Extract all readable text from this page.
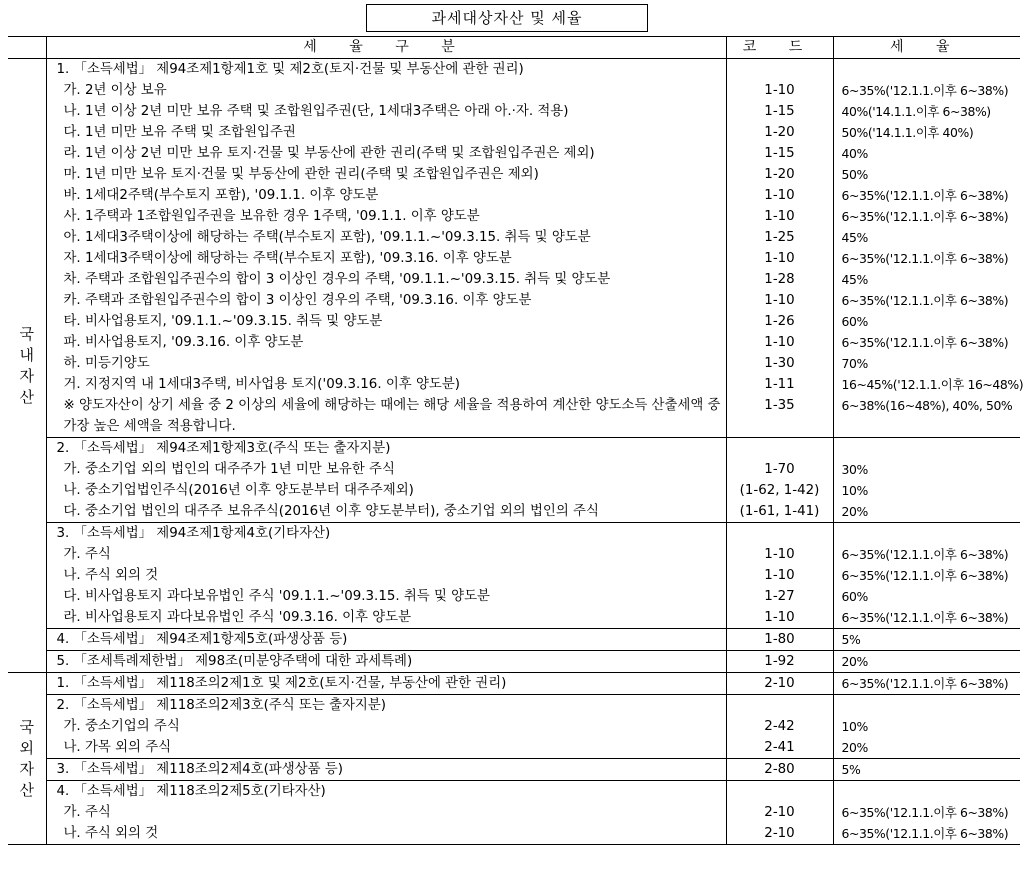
과세대상자산 및 세율
	세 율 구 분	코 드	세 율

국
내
자
산	1. 「소득세법」 제94조제1항제1호 및 제2호(토지·건물 및 부동산에 관한 권리)		
	가. 2년 이상 보유	1-10	6~35%('12.1.1.이후 6~38%)
	나. 1년 이상 2년 미만 보유 주택 및 조합원입주권(단, 1세대3주택은 아래 아.·자. 적용)	1-15	40%('14.1.1.이후 6~38%)
	다. 1년 미만 보유 주택 및 조합원입주권	1-20	50%('14.1.1.이후 40%)
	라. 1년 이상 2년 미만 보유 토지·건물 및 부동산에 관한 권리(주택 및 조합원입주권은 제외)	1-15	40%
	마. 1년 미만 보유 토지·건물 및 부동산에 관한 권리(주택 및 조합원입주권은 제외)	1-20	50%
	바. 1세대2주택(부수토지 포함), '09.1.1. 이후 양도분	1-10	6~35%('12.1.1.이후 6~38%)
	사. 1주택과 1조합원입주권을 보유한 경우 1주택, '09.1.1. 이후 양도분	1-10	6~35%('12.1.1.이후 6~38%)
	아. 1세대3주택이상에 해당하는 주택(부수토지 포함), '09.1.1.~'09.3.15. 취득 및 양도분	1-25	45%
	자. 1세대3주택이상에 해당하는 주택(부수토지 포함), '09.3.16. 이후 양도분	1-10	6~35%('12.1.1.이후 6~38%)
	차. 주택과 조합원입주권수의 합이 3 이상인 경우의 주택, '09.1.1.~'09.3.15. 취득 및 양도분	1-28	45%
	카. 주택과 조합원입주권수의 합이 3 이상인 경우의 주택, '09.3.16. 이후 양도분	1-10	6~35%('12.1.1.이후 6~38%)
	타. 비사업용토지, '09.1.1.~'09.3.15. 취득 및 양도분	1-26	60%
	파. 비사업용토지, '09.3.16. 이후 양도분	1-10	6~35%('12.1.1.이후 6~38%)
	하. 미등기양도	1-30	70%
	거. 지정지역 내 1세대3주택, 비사업용 토지('09.3.16. 이후 양도분)	1-11	16~45%('12.1.1.이후 16~48%)
	※ 양도자산이 상기 세율 중 2 이상의 세율에 해당하는 때에는 해당 세율을 적용하여 계산한 양도소득 산출세액 중 가장 높은 세액을 적용합니다.	1-35	6~38%(16~48%), 40%, 50%
	2. 「소득세법」 제94조제1항제3호(주식 또는 출자지분)		
	가. 중소기업 외의 법인의 대주주가 1년 미만 보유한 주식	1-70	30%
	나. 중소기업법인주식(2016년 이후 양도분부터 대주주제외)	(1-62, 1-42)	10%
	다. 중소기업 법인의 대주주 보유주식(2016년 이후 양도분부터), 중소기업 외의 법인의 주식	(1-61, 1-41)	20%
	3. 「소득세법」 제94조제1항제4호(기타자산)		
	가. 주식	1-10	6~35%('12.1.1.이후 6~38%)
	나. 주식 외의 것	1-10	6~35%('12.1.1.이후 6~38%)
	다. 비사업용토지 과다보유법인 주식 '09.1.1.~'09.3.15. 취득 및 양도분	1-27	60%
	라. 비사업용토지 과다보유법인 주식 '09.3.16. 이후 양도분	1-10	6~35%('12.1.1.이후 6~38%)
	4. 「소득세법」 제94조제1항제5호(파생상품 등)	1-80	5%
	5. 「조세특례제한법」 제98조(미분양주택에 대한 과세특례)	1-92	20%

국
외
자
산	1. 「소득세법」 제118조의2제1호 및 제2호(토지·건물, 부동산에 관한 권리)	2-10	6~35%('12.1.1.이후 6~38%)
	2. 「소득세법」 제118조의2제3호(주식 또는 출자지분)		
	가. 중소기업의 주식	2-42	10%
	나. 가목 외의 주식	2-41	20%
	3. 「소득세법」 제118조의2제4호(파생상품 등)	2-80	5%
	4. 「소득세법」 제118조의2제5호(기타자산)		
	가. 주식	2-10	6~35%('12.1.1.이후 6~38%)
	나. 주식 외의 것	2-10	6~35%('12.1.1.이후 6~38%)
